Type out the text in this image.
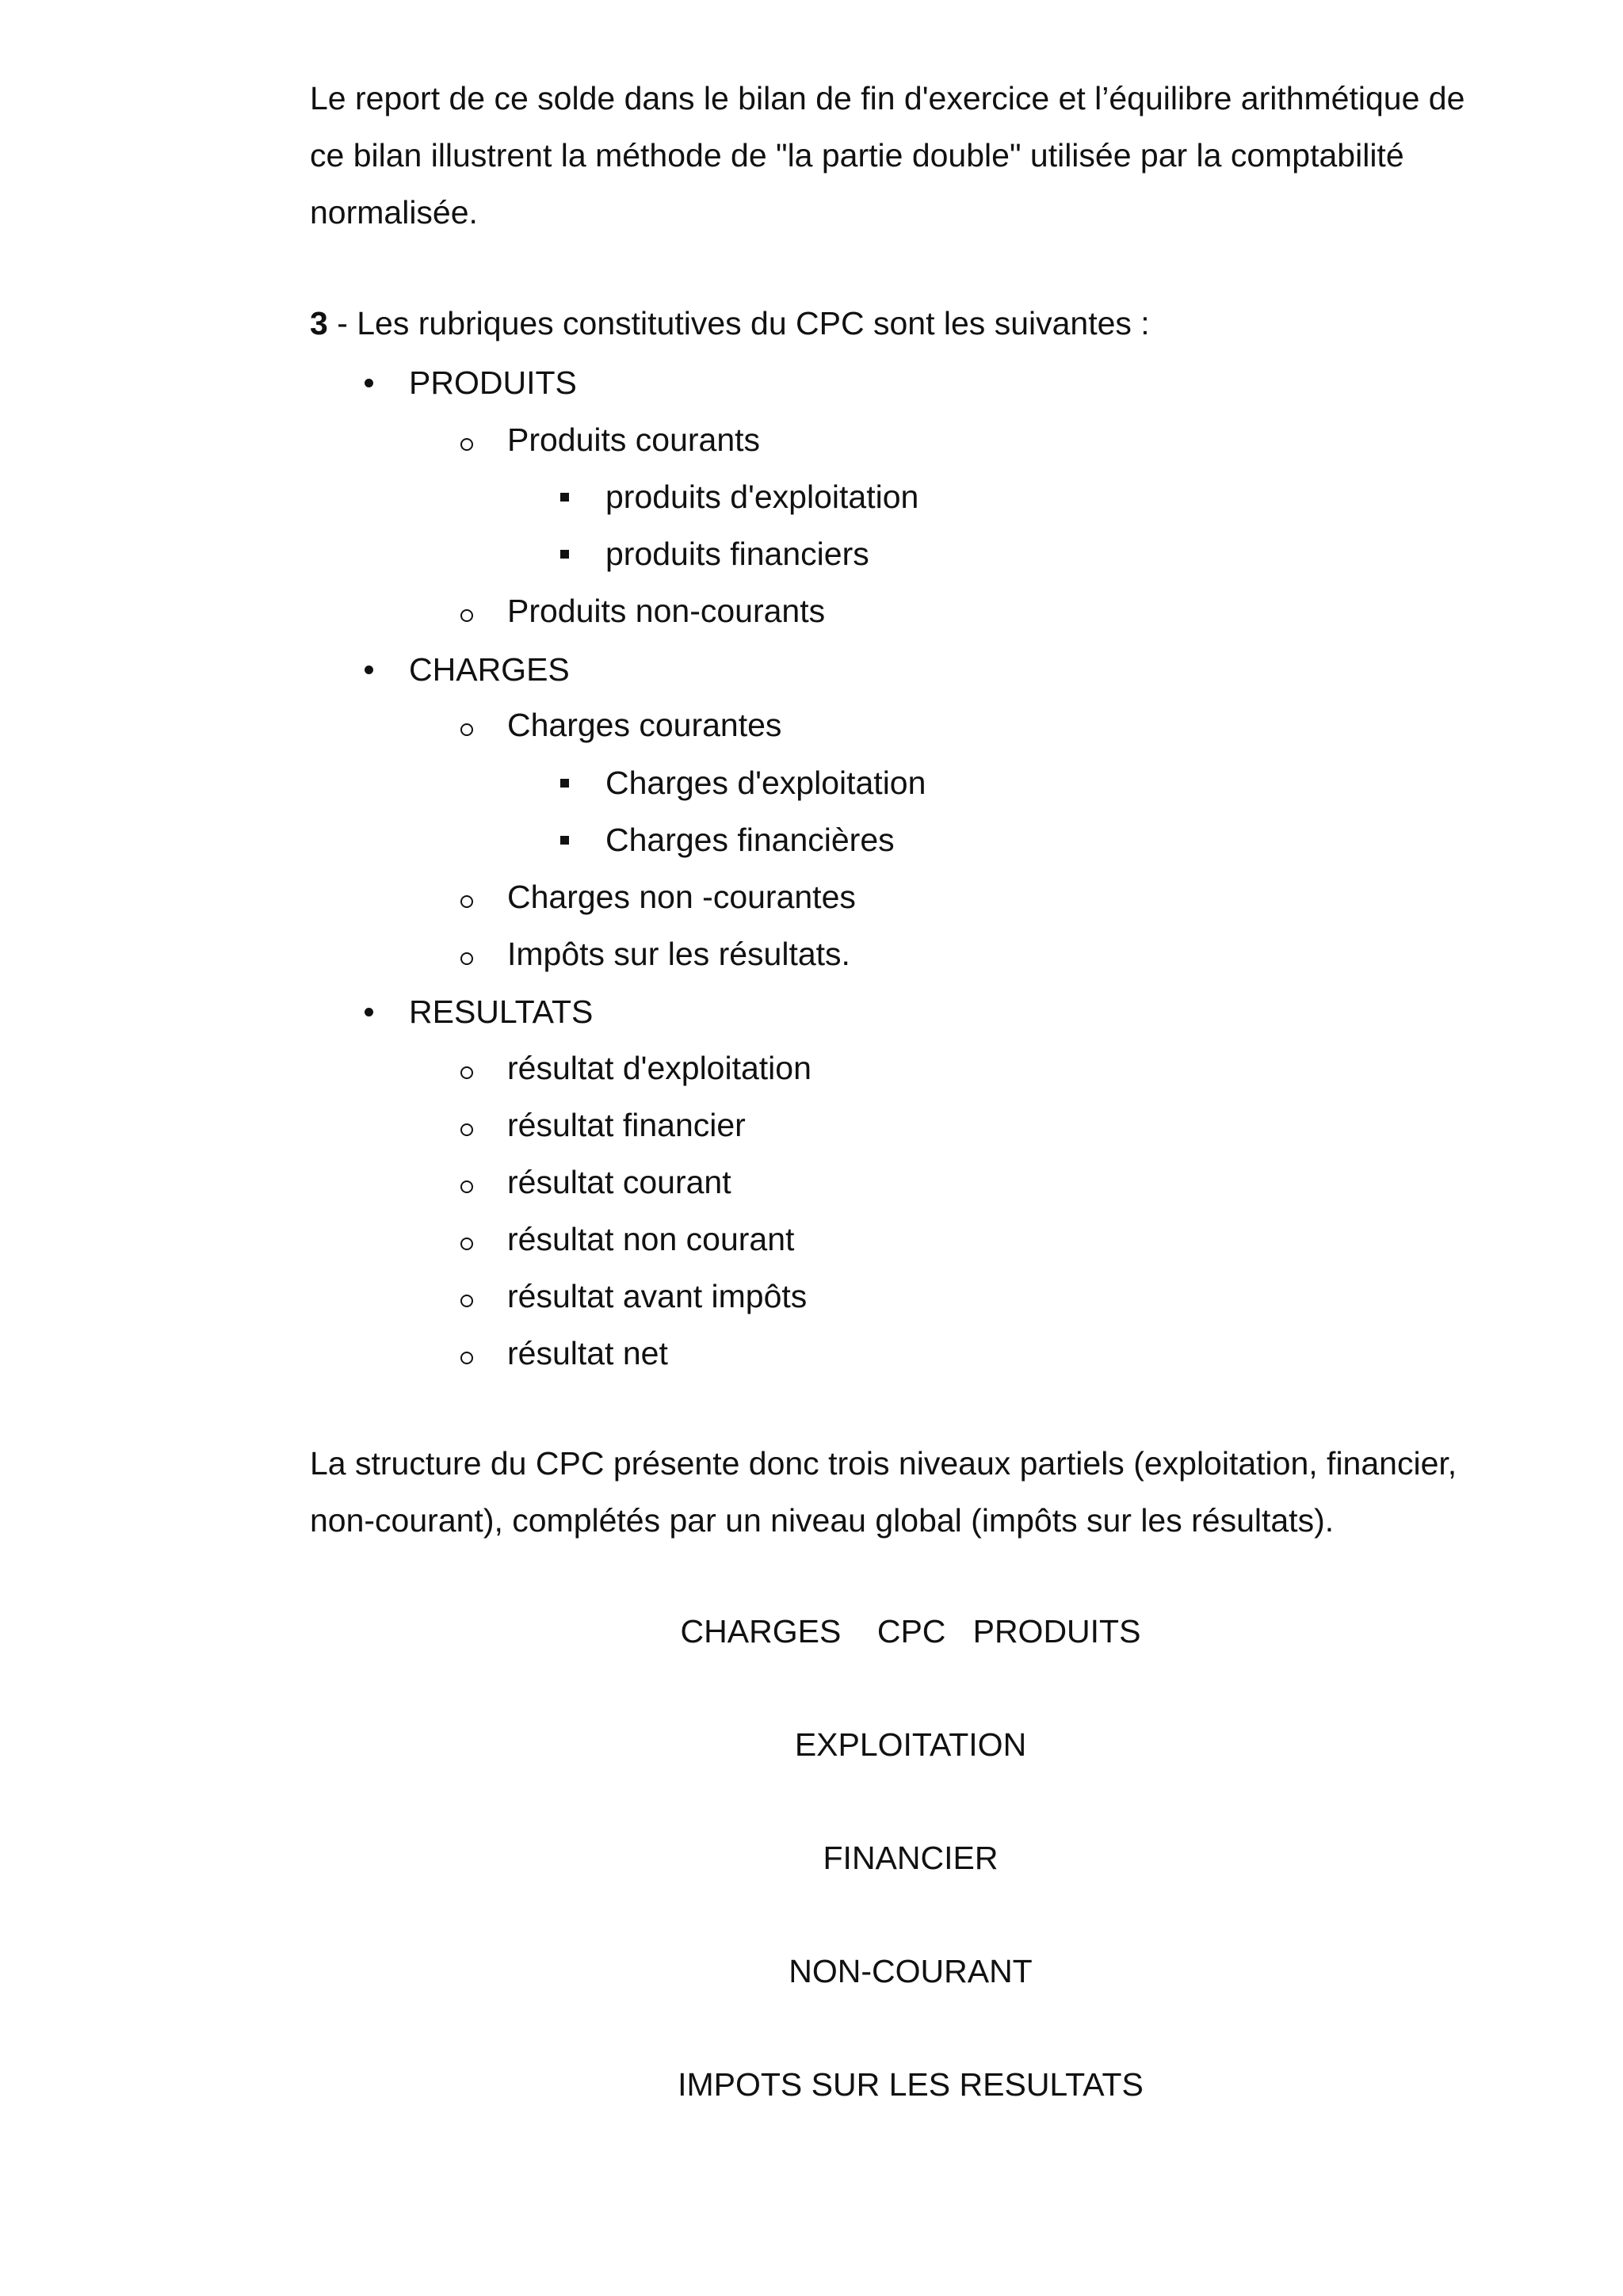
Le report de ce solde dans le bilan de fin d'exercice et l’équilibre arithmétique de
ce bilan illustrent la méthode de "la partie double" utilisée par la comptabilité
normalisée.

3 - Les rubriques constitutives du CPC sont les suivantes :
PRODUITS
Produits courants
produits d'exploitation
produits financiers
Produits non-courants
CHARGES
Charges courantes
Charges d'exploitation
Charges financières
Charges non -courantes
Impôts sur les résultats.
RESULTATS
résultat d'exploitation
résultat financier
résultat courant
résultat non courant
résultat avant impôts
résultat net

La structure du CPC présente donc trois niveaux partiels (exploitation, financier,
non-courant), complétés par un niveau global (impôts sur les résultats).

CHARGES    CPC   PRODUITS
EXPLOITATION
FINANCIER
NON-COURANT
IMPOTS SUR LES RESULTATS
